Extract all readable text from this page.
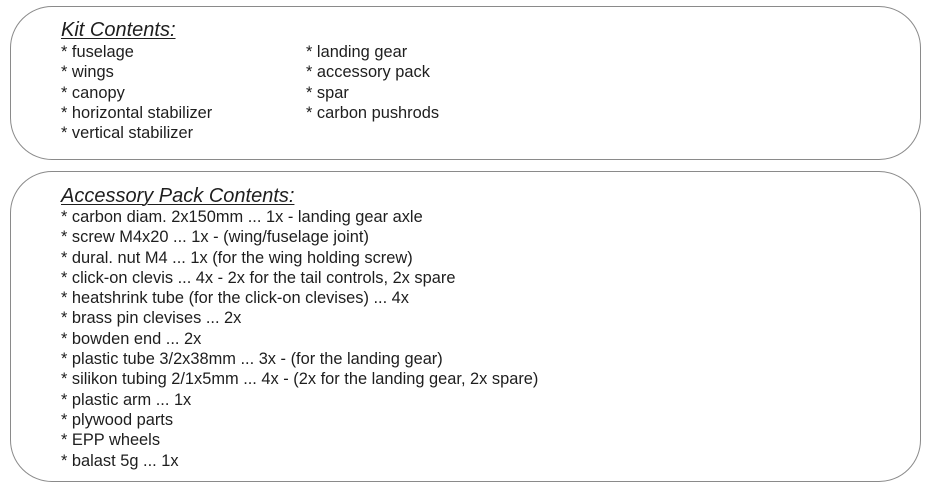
Kit Contents:
* fuselage
* wings
* canopy
* horizontal stabilizer
* vertical stabilizer
* landing gear
* accessory pack
* spar
* carbon pushrods
Accessory Pack Contents:
* carbon diam. 2x150mm ... 1x - landing gear axle
* screw M4x20 ... 1x - (wing/fuselage joint)
* dural. nut M4 ... 1x (for the wing holding screw)
* click-on clevis ... 4x - 2x for the tail controls, 2x spare
* heatshrink tube (for the click-on clevises) ... 4x
* brass pin clevises ... 2x
* bowden end ... 2x
* plastic tube 3/2x38mm ... 3x - (for the landing gear)
* silikon tubing 2/1x5mm ... 4x - (2x for the landing gear, 2x spare)
* plastic arm ... 1x
* plywood parts
* EPP wheels
* balast 5g ... 1x
